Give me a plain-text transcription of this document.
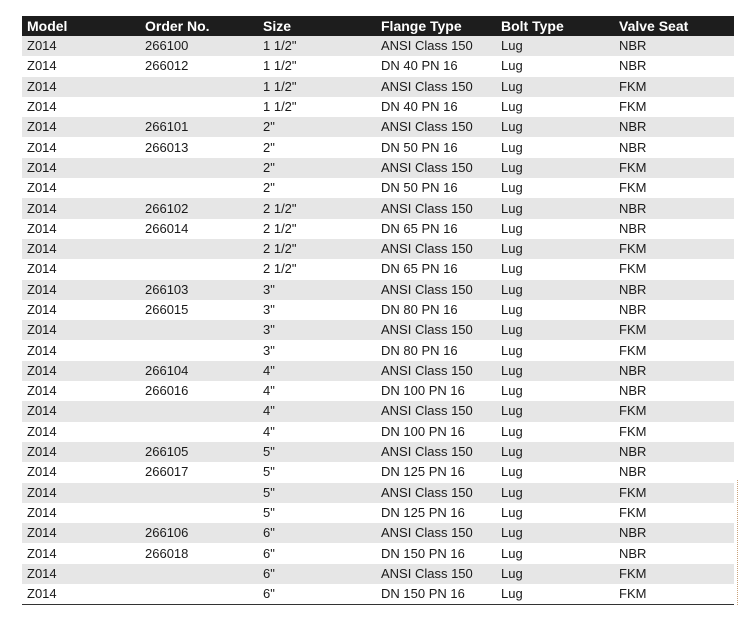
Model	Order No.	Size	Flange Type	Bolt Type	Valve Seat
Z014	266100	1 1/2"	ANSI Class 150	Lug	NBR
Z014	266012	1 1/2"	DN 40 PN 16	Lug	NBR
Z014		1 1/2"	ANSI Class 150	Lug	FKM
Z014		1 1/2"	DN 40 PN 16	Lug	FKM
Z014	266101	2"	ANSI Class 150	Lug	NBR
Z014	266013	2"	DN 50 PN 16	Lug	NBR
Z014		2"	ANSI Class 150	Lug	FKM
Z014		2"	DN 50 PN 16	Lug	FKM
Z014	266102	2 1/2"	ANSI Class 150	Lug	NBR
Z014	266014	2 1/2"	DN 65 PN 16	Lug	NBR
Z014		2 1/2"	ANSI Class 150	Lug	FKM
Z014		2 1/2"	DN 65 PN 16	Lug	FKM
Z014	266103	3"	ANSI Class 150	Lug	NBR
Z014	266015	3"	DN 80 PN 16	Lug	NBR
Z014		3"	ANSI Class 150	Lug	FKM
Z014		3"	DN 80 PN 16	Lug	FKM
Z014	266104	4"	ANSI Class 150	Lug	NBR
Z014	266016	4"	DN 100 PN 16	Lug	NBR
Z014		4"	ANSI Class 150	Lug	FKM
Z014		4"	DN 100 PN 16	Lug	FKM
Z014	266105	5"	ANSI Class 150	Lug	NBR
Z014	266017	5"	DN 125 PN 16	Lug	NBR
Z014		5"	ANSI Class 150	Lug	FKM
Z014		5"	DN 125 PN 16	Lug	FKM
Z014	266106	6"	ANSI Class 150	Lug	NBR
Z014	266018	6"	DN 150 PN 16	Lug	NBR
Z014		6"	ANSI Class 150	Lug	FKM
Z014		6"	DN 150 PN 16	Lug	FKM
